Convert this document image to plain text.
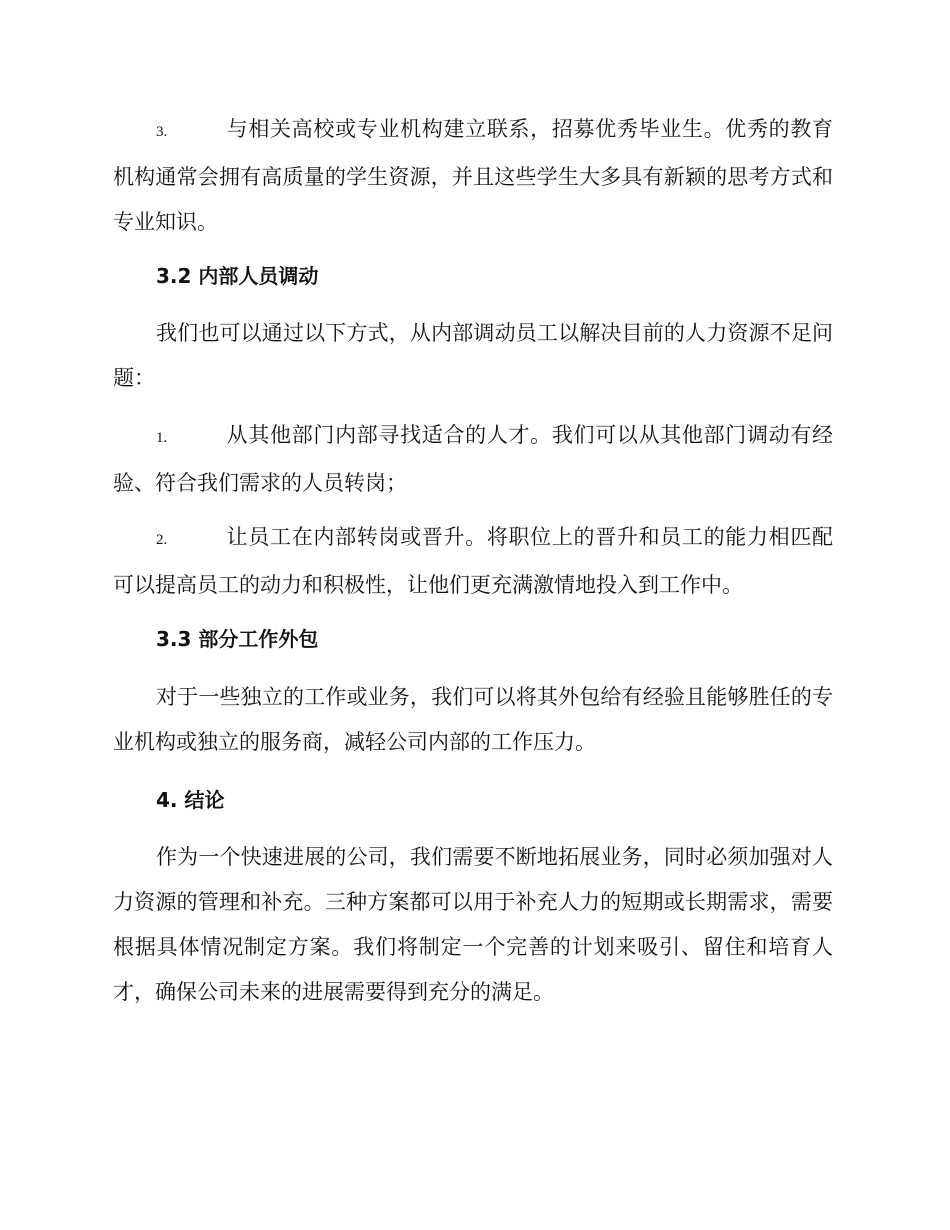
3.	与相关高校或专业机构建立联系，招募优秀毕业生。优秀的教育机构通常会拥有高质量的学生资源，并且这些学生大多具有新颖的思考方式和专业知识。

3.2 内部人员调动

我们也可以通过以下方式，从内部调动员工以解决目前的人力资源不足问题：

1.	从其他部门内部寻找适合的人才。我们可以从其他部门调动有经验、符合我们需求的人员转岗；

2.	让员工在内部转岗或晋升。将职位上的晋升和员工的能力相匹配可以提高员工的动力和积极性，让他们更充满激情地投入到工作中。

3.3 部分工作外包

对于一些独立的工作或业务，我们可以将其外包给有经验且能够胜任的专业机构或独立的服务商，减轻公司内部的工作压力。

4. 结论

作为一个快速进展的公司，我们需要不断地拓展业务，同时必须加强对人力资源的管理和补充。三种方案都可以用于补充人力的短期或长期需求，需要根据具体情况制定方案。我们将制定一个完善的计划来吸引、留住和培育人才，确保公司未来的进展需要得到充分的满足。
